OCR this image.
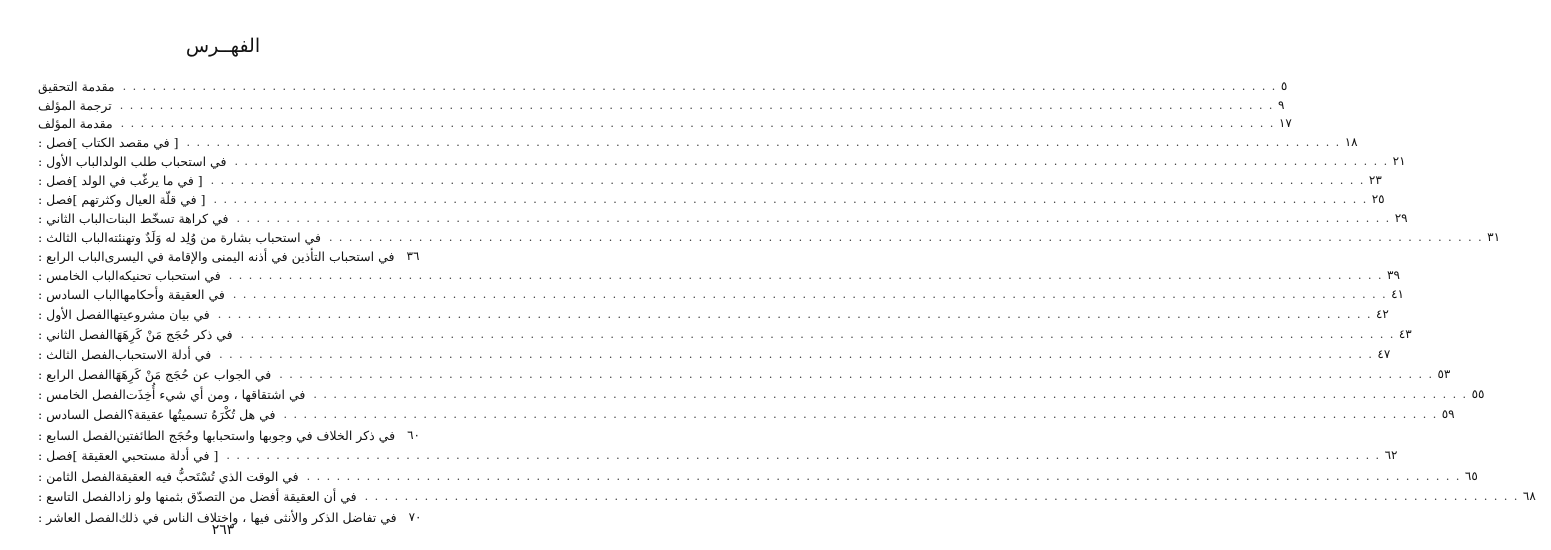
الفهــرس
مقدمة التحقيق . . .	٥
ترجمة المؤلف . . .	٩
مقدمة المؤلف . . .	١٧
فصل : [ في مقصد الكتاب ] . . .	١٨
الباب الأول : في استحباب طلب الولد . . .	٢١
فصل : [ في ما يرغّب في الولد ] . . .	٢٣
فصل : [ في قلّة العيال وكثرتهم ] . . .	٢٥
الباب الثاني : في كراهة تسخّط البنات . . .	٢٩
الباب الثالث : في استحباب بشارة من وُلِد له وَلَدٌ وتهنئته . . .	٣١
الباب الرابع : في استحباب التأذين في أذنه اليمنى والإقامة في اليسرى	٣٦
الباب الخامس : في استحباب تحنيكه . . .	٣٩
الباب السادس : في العقيقة وأحكامها . . .	٤١
الفصل الأول : في بيان مشروعيتها . . .	٤٢
الفصل الثاني : في ذكر حُجَج مَنْ كَرِهَهَا . . .	٤٣
الفصل الثالث : في أدلة الاستحباب . . .	٤٧
الفصل الرابع : في الجواب عن حُجَج مَنْ كَرِهَهَا . . .	٥٣
الفصل الخامس : في اشتقاقها ، ومن أي شيء أُخِذَت . . .	٥٥
الفصل السادس : في هل تُكْرَهُ تسميتُها عقيقة؟ . . .	٥٩
الفصل السابع : في ذكر الخلاف في وجوبها واستحبابها وحُجَج الطائفتين	٦٠
فصل : [ في أدلة مستحبي العقيقة ] . . .	٦٢
الفصل الثامن : في الوقت الذي تُسْتَحبُّ فيه العقيقة . . .	٦٥
الفصل التاسع : في أن العقيقة أفضل من التصدّق بثمنها ولو زاد . . .	٦٨
الفصل العاشر : في تفاضل الذكر والأنثى فيها ، واختلاف الناس في ذلك	٧٠
٢٦٣
